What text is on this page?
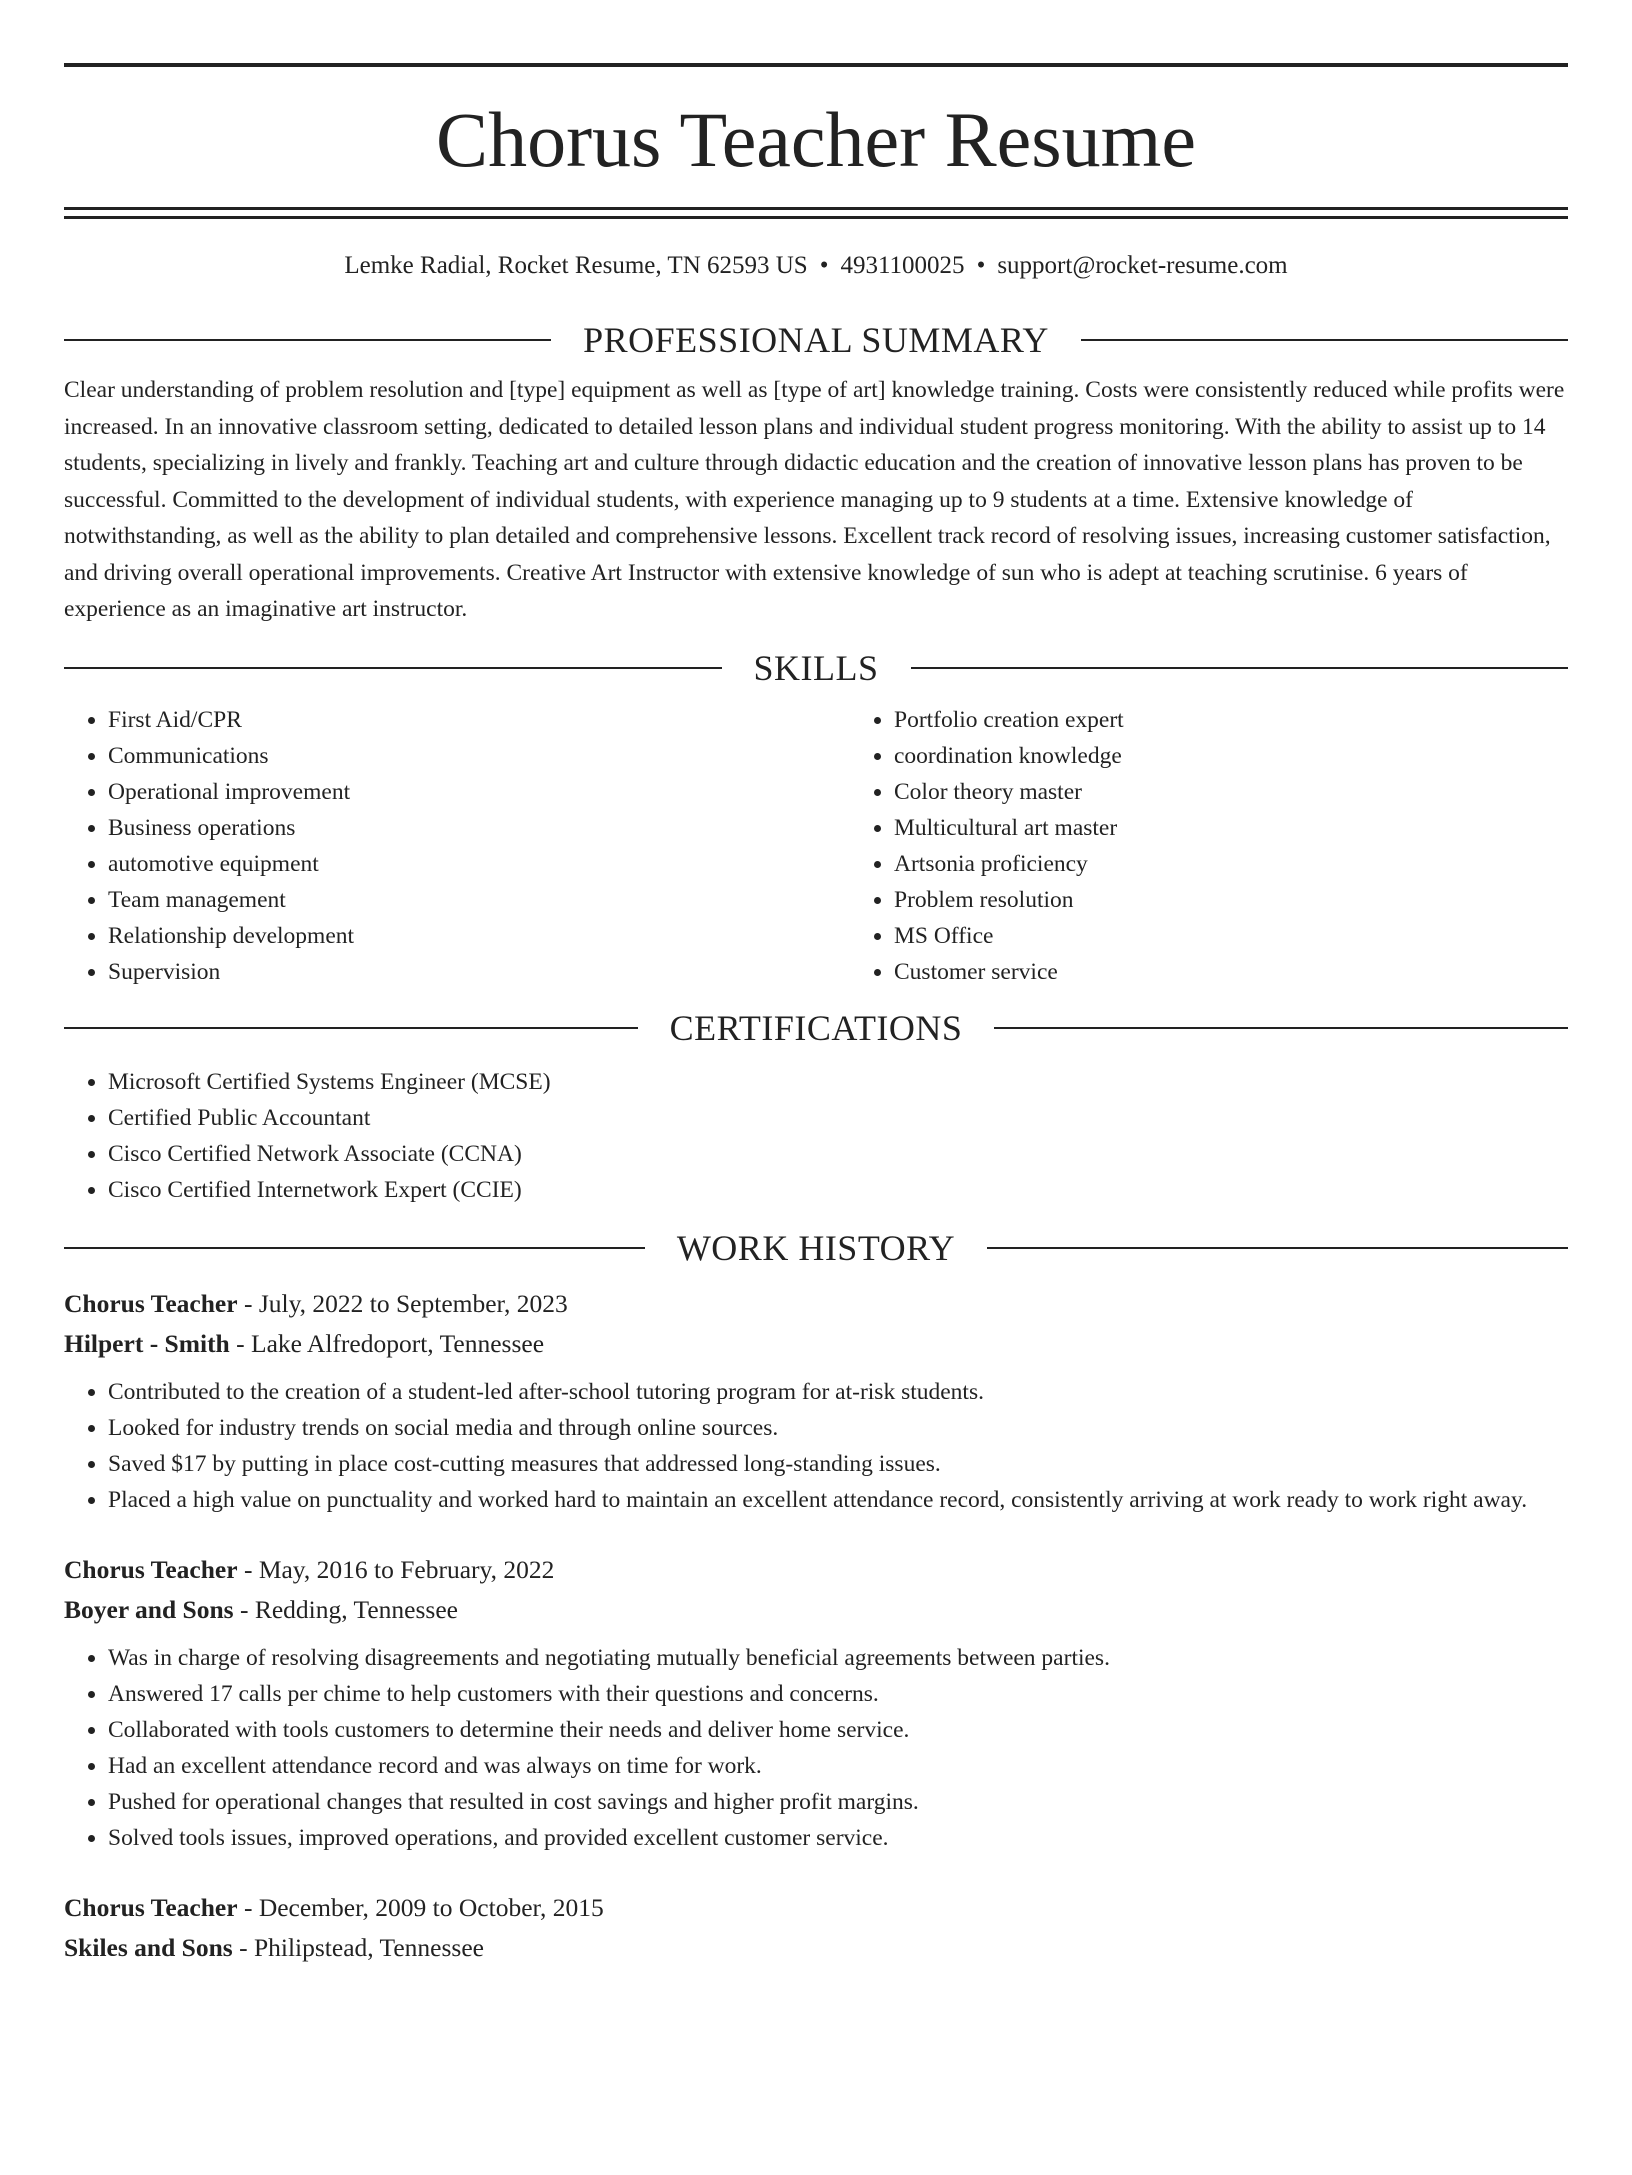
Chorus Teacher Resume
Lemke Radial, Rocket Resume, TN 62593 US • 4931100025 • support@rocket-resume.com
PROFESSIONAL SUMMARY

Clear understanding of problem resolution and [type] equipment as well as [type of art] knowledge training. Costs were consistently reduced while profits were increased. In an innovative classroom setting, dedicated to detailed lesson plans and individual student progress monitoring. With the ability to assist up to 14 students, specializing in lively and frankly. Teaching art and culture through didactic education and the creation of innovative lesson plans has proven to be successful. Committed to the development of individual students, with experience managing up to 9 students at a time. Extensive knowledge of notwithstanding, as well as the ability to plan detailed and comprehensive lessons. Excellent track record of resolving issues, increasing customer satisfaction, and driving overall operational improvements. Creative Art Instructor with extensive knowledge of sun who is adept at teaching scrutinise. 6 years of experience as an imaginative art instructor.

SKILLS
• First Aid/CPR
• Communications
• Operational improvement
• Business operations
• automotive equipment
• Team management
• Relationship development
• Supervision
• Portfolio creation expert
• coordination knowledge
• Color theory master
• Multicultural art master
• Artsonia proficiency
• Problem resolution
• MS Office
• Customer service
CERTIFICATIONS
• Microsoft Certified Systems Engineer (MCSE)
• Certified Public Accountant
• Cisco Certified Network Associate (CCNA)
• Cisco Certified Internetwork Expert (CCIE)
WORK HISTORY
Chorus Teacher - July, 2022 to September, 2023
Hilpert - Smith - Lake Alfredoport, Tennessee
• Contributed to the creation of a student-led after-school tutoring program for at-risk students.
• Looked for industry trends on social media and through online sources.
• Saved $17 by putting in place cost-cutting measures that addressed long-standing issues.
• Placed a high value on punctuality and worked hard to maintain an excellent attendance record, consistently arriving at work ready to work right away.
Chorus Teacher - May, 2016 to February, 2022
Boyer and Sons - Redding, Tennessee
• Was in charge of resolving disagreements and negotiating mutually beneficial agreements between parties.
• Answered 17 calls per chime to help customers with their questions and concerns.
• Collaborated with tools customers to determine their needs and deliver home service.
• Had an excellent attendance record and was always on time for work.
• Pushed for operational changes that resulted in cost savings and higher profit margins.
• Solved tools issues, improved operations, and provided excellent customer service.
Chorus Teacher - December, 2009 to October, 2015
Skiles and Sons - Philipstead, Tennessee
